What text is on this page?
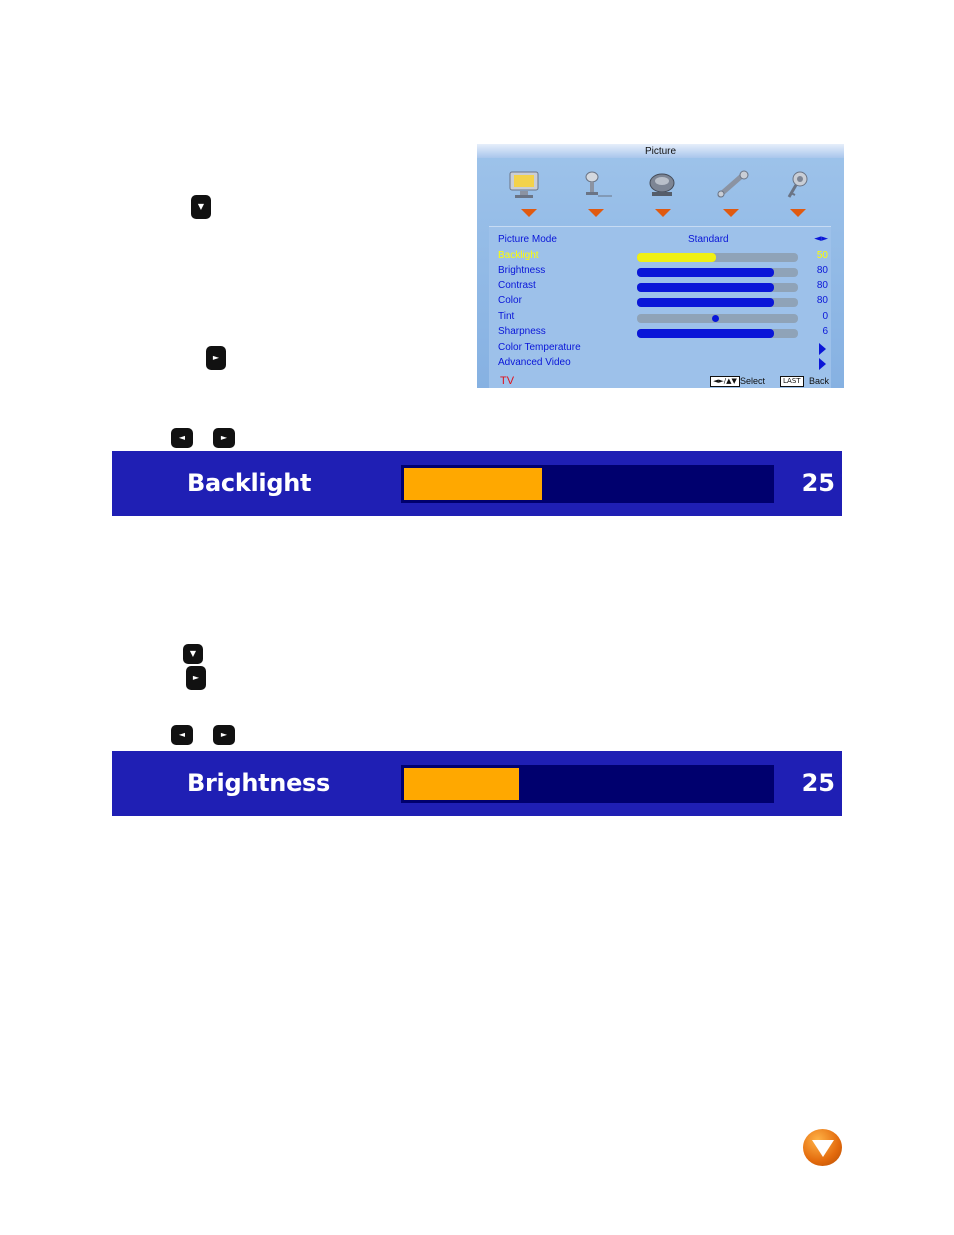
▼
►
◄	►
▼
►
◄	►
Picture
Picture Mode	Standard	◄►
Backlight	50
Brightness	80
Contrast	80
Color	80
Tint	0
Sharpness	6
Color Temperature
Advanced Video
TV	◄►/▲▼ Select	LAST Back
Backlight	25
Brightness	25
